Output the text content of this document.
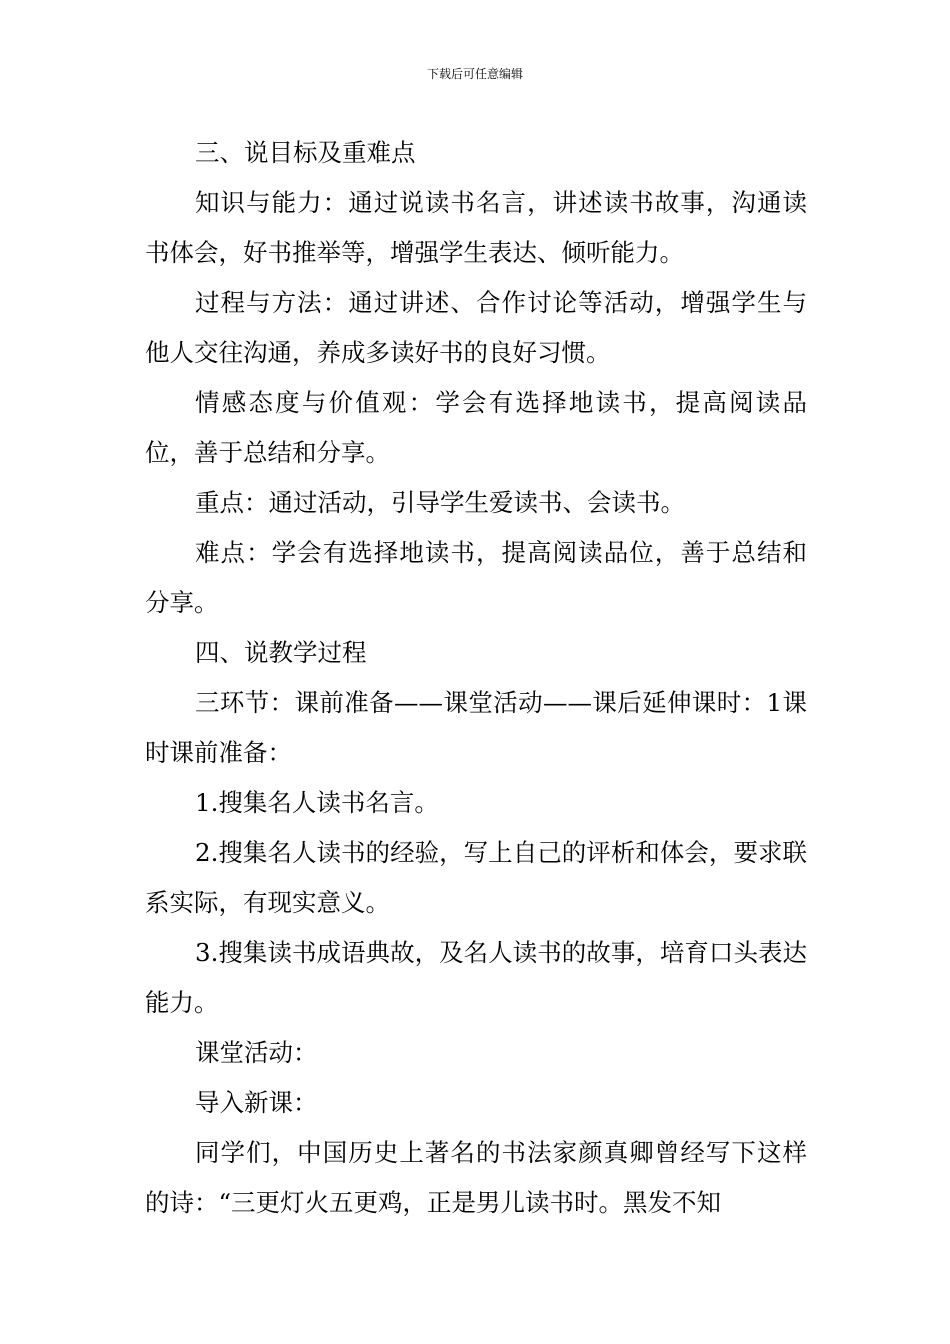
下载后可任意编辑

三、说目标及重难点

知识与能力：通过说读书名言，讲述读书故事，沟通读书体会，好书推举等，增强学生表达、倾听能力。

过程与方法：通过讲述、合作讨论等活动，增强学生与他人交往沟通，养成多读好书的良好习惯。

情感态度与价值观：学会有选择地读书，提高阅读品位，善于总结和分享。

重点：通过活动，引导学生爱读书、会读书。

难点：学会有选择地读书，提高阅读品位，善于总结和分享。

四、说教学过程

三环节：课前准备——课堂活动——课后延伸课时：1课时课前准备：

1.搜集名人读书名言。

2.搜集名人读书的经验，写上自己的评析和体会，要求联系实际，有现实意义。

3.搜集读书成语典故，及名人读书的故事，培育口头表达能力。

课堂活动：

导入新课：

同学们，中国历史上著名的书法家颜真卿曾经写下这样的诗：“三更灯火五更鸡，正是男儿读书时。黑发不知
